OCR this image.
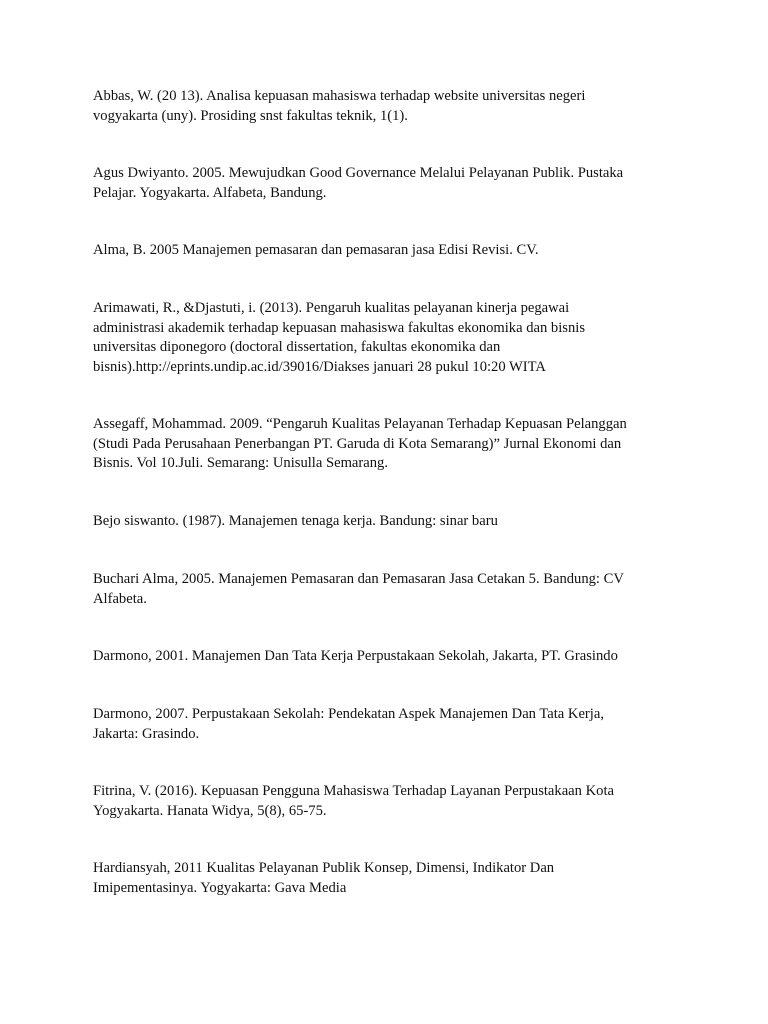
Abbas, W. (20 13). Analisa kepuasan mahasiswa terhadap website universitas negeri
vogyakarta (uny). Prosiding snst fakultas teknik, 1(1).

Agus Dwiyanto. 2005. Mewujudkan Good Governance Melalui Pelayanan Publik. Pustaka
Pelajar. Yogyakarta. Alfabeta, Bandung.

Alma, B. 2005 Manajemen pemasaran dan pemasaran jasa Edisi Revisi. CV.

Arimawati, R., &Djastuti, i. (2013). Pengaruh kualitas pelayanan kinerja pegawai
administrasi akademik terhadap kepuasan mahasiswa fakultas ekonomika dan bisnis
universitas diponegoro (doctoral dissertation, fakultas ekonomika dan
bisnis).http://eprints.undip.ac.id/39016/Diakses januari 28 pukul 10:20 WITA

Assegaff, Mohammad. 2009. “Pengaruh Kualitas Pelayanan Terhadap Kepuasan Pelanggan
(Studi Pada Perusahaan Penerbangan PT. Garuda di Kota Semarang)” Jurnal Ekonomi dan
Bisnis. Vol 10.Juli. Semarang: Unisulla Semarang.

Bejo siswanto. (1987). Manajemen tenaga kerja. Bandung: sinar baru

Buchari Alma, 2005. Manajemen Pemasaran dan Pemasaran Jasa Cetakan 5. Bandung: CV
Alfabeta.

Darmono, 2001. Manajemen Dan Tata Kerja Perpustakaan Sekolah, Jakarta, PT. Grasindo

Darmono, 2007. Perpustakaan Sekolah: Pendekatan Aspek Manajemen Dan Tata Kerja,
Jakarta: Grasindo.

Fitrina, V. (2016). Kepuasan Pengguna Mahasiswa Terhadap Layanan Perpustakaan Kota
Yogyakarta. Hanata Widya, 5(8), 65-75.

Hardiansyah, 2011 Kualitas Pelayanan Publik Konsep, Dimensi, Indikator Dan
Imipementasinya. Yogyakarta: Gava Media
